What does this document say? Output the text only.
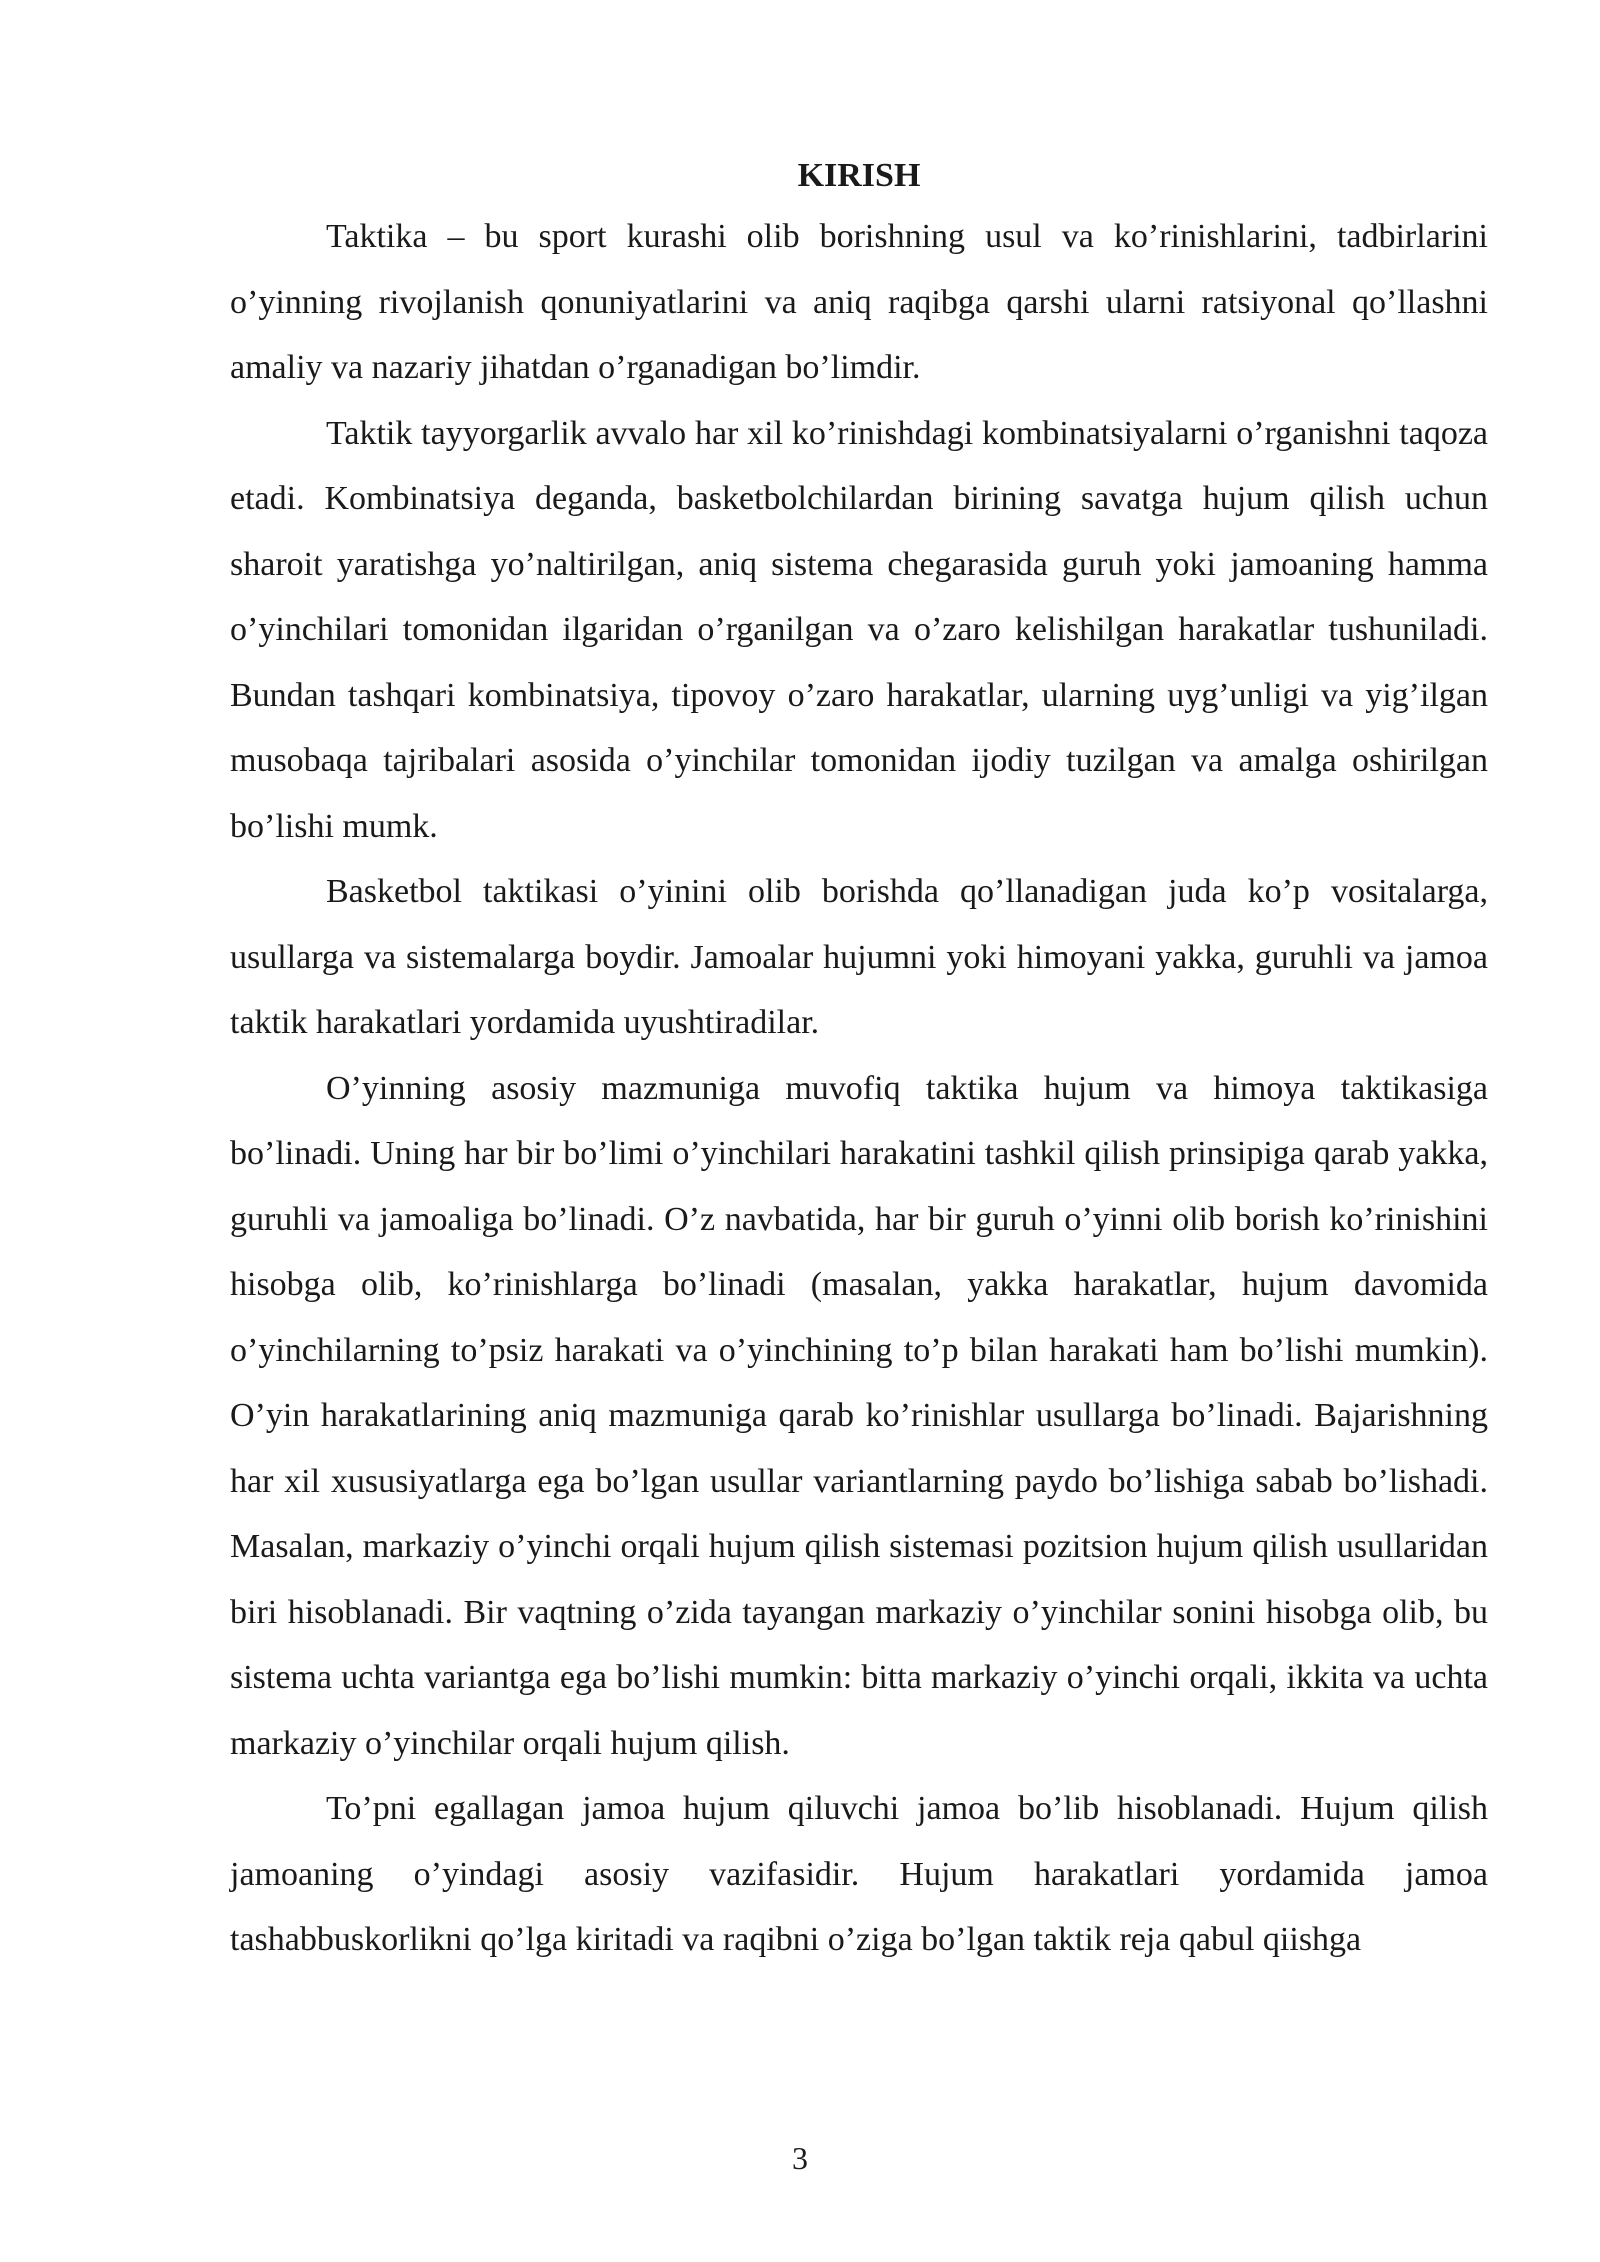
KIRISH

Taktika – bu sport kurashi olib borishning usul va ko’rinishlarini, tadbirlarini o’yinning rivojlanish qonuniyatlarini va aniq raqibga qarshi ularni ratsiyonal qo’llashni amaliy va nazariy jihatdan o’rganadigan bo’limdir.

Taktik tayyorgarlik avvalo har xil ko’rinishdagi kombinatsiyalarni o’rganishni taqoza etadi. Kombinatsiya deganda, basketbolchilardan birining savatga hujum qilish uchun sharoit yaratishga yo’naltirilgan, aniq sistema chegarasida guruh yoki jamoaning hamma o’yinchilari tomonidan ilgaridan o’rganilgan va o’zaro kelishilgan harakatlar tushuniladi. Bundan tashqari kombinatsiya, tipovoy o’zaro harakatlar, ularning uyg’unligi va yig’ilgan musobaqa tajribalari asosida o’yinchilar tomonidan ijodiy tuzilgan va amalga oshirilgan bo’lishi mumk.

Basketbol taktikasi o’yinini olib borishda qo’llanadigan juda ko’p vositalarga, usullarga va sistemalarga boydir. Jamoalar hujumni yoki himoyani yakka, guruhli va jamoa taktik harakatlari yordamida uyushtiradilar.

O’yinning asosiy mazmuniga muvofiq taktika hujum va himoya taktikasiga bo’linadi. Uning har bir bo’limi o’yinchilari harakatini tashkil qilish prinsipiga qarab yakka, guruhli va jamoaliga bo’linadi. O’z navbatida, har bir guruh o’yinni olib borish ko’rinishini hisobga olib, ko’rinishlarga bo’linadi (masalan, yakka harakatlar, hujum davomida o’yinchilarning to’psiz harakati va o’yinchining to’p bilan harakati ham bo’lishi mumkin). O’yin harakatlarining aniq mazmuniga qarab ko’rinishlar usullarga bo’linadi. Bajarishning har xil xususiyatlarga ega bo’lgan usullar variantlarning paydo bo’lishiga sabab bo’lishadi. Masalan, markaziy o’yinchi orqali hujum qilish sistemasi pozitsion hujum qilish usullaridan biri hisoblanadi. Bir vaqtning o’zida tayangan markaziy o’yinchilar sonini hisobga olib, bu sistema uchta variantga ega bo’lishi mumkin: bitta markaziy o’yinchi orqali, ikkita va uchta markaziy o’yinchilar orqali hujum qilish.

To’pni egallagan jamoa hujum qiluvchi jamoa bo’lib hisoblanadi. Hujum qilish jamoaning o’yindagi asosiy vazifasidir. Hujum harakatlari yordamida jamoa tashabbuskorlikni qo’lga kiritadi va raqibni o’ziga bo’lgan taktik reja qabul qiishga

3
